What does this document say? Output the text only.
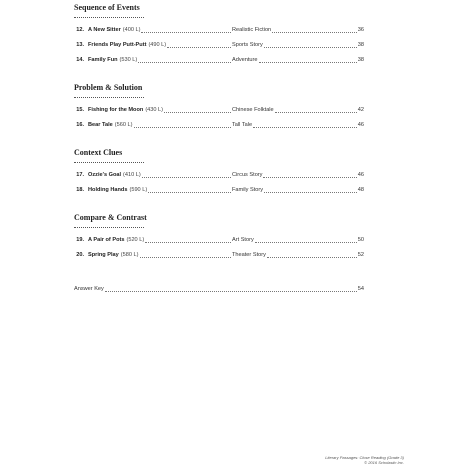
Sequence of Events
12. A New Sitter (400 L)	Realistic Fiction	36
13. Friends Play Putt-Putt (490 L)	Sports Story	38
14. Family Fun (530 L)	Adventure	38
Problem & Solution
15. Fishing for the Moon (430 L)	Chinese Folktale	42
16. Bear Tale (560 L)	Tall Tale	46
Context Clues
17. Ozzie's Goal (410 L)	Circus Story	46
18. Holding Hands (590 L)	Family Story	48
Compare & Contrast
19. A Pair of Pots (520 L)	Art Story	50
20. Spring Play (580 L)	Theater Story	52
Answer Key	54
Literary Passages: Close Reading (Grade 3)
© 2016 Scholastic Inc.
